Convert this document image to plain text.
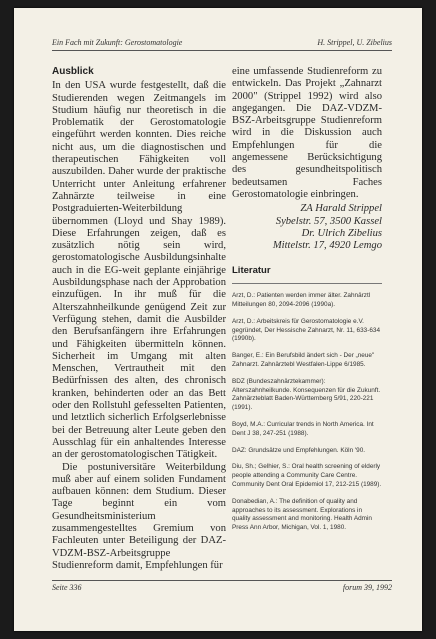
Ein Fach mit Zukunft: Gerostomatologie	H. Strippel, U. Zibelius
Ausblick

In den USA wurde festgestellt, daß die Studierenden wegen Zeitmangels im Studium häufig nur theoretisch in die Problematik der Gerostomatologie eingeführt werden konnten. Dies reiche nicht aus, um die diagnostischen und therapeutischen Fähigkeiten voll auszubilden. Daher wurde der praktische Unterricht unter Anleitung erfahrener Zahnärzte teilweise in eine Postgraduierten-Weiterbildung übernommen (Lloyd und Shay 1989). Diese Erfahrungen zeigen, daß es zusätzlich nötig sein wird, gerostomatologische Ausbildungsinhalte auch in die EG-weit geplante einjährige Ausbildungsphase nach der Approbation einzufügen. In ihr muß für die Alterszahnheilkunde genügend Zeit zur Verfügung stehen, damit die Ausbilder den Berufsanfängern ihre Erfahrungen und Fähigkeiten übermitteln können. Sicherheit im Umgang mit alten Menschen, Vertrautheit mit den Bedürfnissen des alten, des chronisch kranken, behinderten oder an das Bett oder den Rollstuhl gefesselten Patienten, und letztlich sicherlich Erfolgserlebnisse bei der Betreuung alter Leute geben den Ausschlag für ein anhaltendes Interesse an der gerostomatologischen Tätigkeit.

Die postuniversitäre Weiterbildung muß aber auf einem soliden Fundament aufbauen können: dem Studium. Dieser Tage beginnt ein vom Gesundheitsministerium zusammengestelltes Gremium von Fachleuten unter Beteiligung der DAZ-VDZM-BSZ-Arbeitsgruppe Studienreform damit, Empfehlungen für

eine umfassende Studienreform zu entwickeln. Das Projekt „Zahnarzt 2000" (Strippel 1992) wird also angegangen. Die DAZ-VDZM-BSZ-Arbeitsgruppe Studienreform wird in die Diskussion auch Empfehlungen für die angemessene Berücksichtigung des gesundheitspolitisch bedeutsamen Faches Gerostomatologie einbringen.

ZA Harald Strippel
Sybelstr. 57, 3500 Kassel
Dr. Ulrich Zibelius
Mittelstr. 17, 4920 Lemgo
Literatur
Arzt, D.: Patienten werden immer älter. Zahnärztl Mitteilungen 80, 2094-2096 (1990a).
Arzt, D.: Arbeitskreis für Gerostomatologie e.V. gegründet, Der Hessische Zahnarzt, Nr. 11, 633-634 (1990b).
Banger, E.: Ein Berufsbild ändert sich - Der „neue" Zahnarzt. Zahnärztebl Westfalen-Lippe 6/1985.
BDZ (Bundeszahnärztekammer): Alterszahnheilkunde. Konsequenzen für die Zukunft. Zahnärzteblatt Baden-Württemberg 5/91, 220-221 (1991).
Boyd, M.A.: Curricular trends in North America. Int Dent J 38, 247-251 (1988).
DAZ: Grundsätze und Empfehlungen. Köln '90.
Diu, Sh.; Gelhier, S.: Oral health screening of elderly people attending a Community Care Centre. Community Dent Oral Epidemiol 17, 212-215 (1989).
Donabedian, A.: The definition of quality and approaches to its assessment. Explorations in quality assessment and monitoring. Health Admin Press Ann Arbor, Michigan, Vol. 1, 1980.
Seite 336	forum 39, 1992
